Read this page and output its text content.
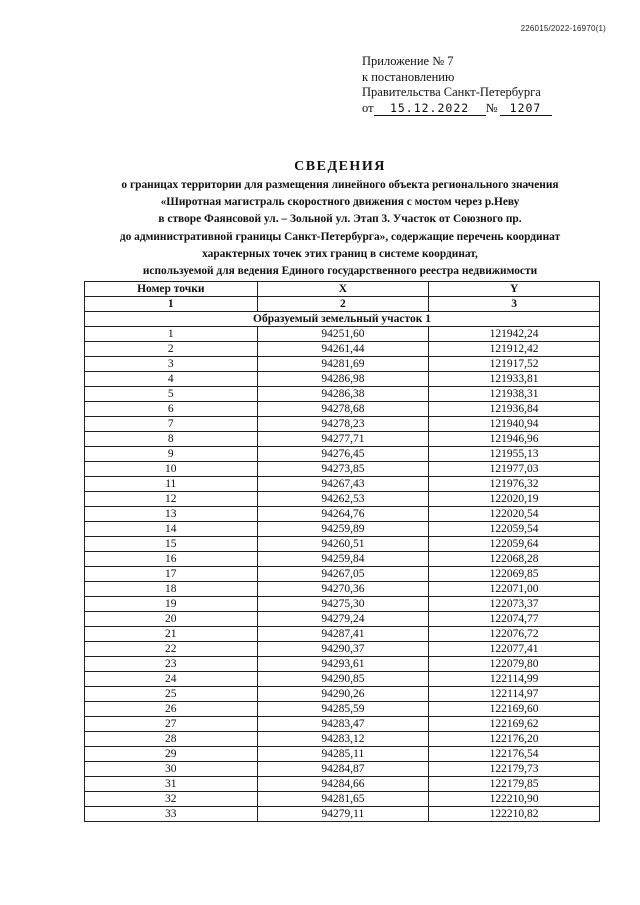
226015/2022-16970(1)
Приложение № 7
к постановлению
Правительства Санкт-Петербурга
от 15.12.2022 № 1207
СВЕДЕНИЯ
о границах территории для размещения линейного объекта регионального значения
«Широтная магистраль скоростного движения с мостом через р.Неву
в створе Фаянсовой ул. – Зольной ул. Этап 3. Участок от Союзного пр.
до административной границы Санкт-Петербурга», содержащие перечень координат
характерных точек этих границ в системе координат,
используемой для ведения Единого государственного реестра недвижимости
Номер точки	X	Y
1	2	3
Образуемый земельный участок 1		
1	94251,60	121942,24
2	94261,44	121912,42
3	94281,69	121917,52
4	94286,98	121933,81
5	94286,38	121938,31
6	94278,68	121936,84
7	94278,23	121940,94
8	94277,71	121946,96
9	94276,45	121955,13
10	94273,85	121977,03
11	94267,43	121976,32
12	94262,53	122020,19
13	94264,76	122020,54
14	94259,89	122059,54
15	94260,51	122059,64
16	94259,84	122068,28
17	94267,05	122069,85
18	94270,36	122071,00
19	94275,30	122073,37
20	94279,24	122074,77
21	94287,41	122076,72
22	94290,37	122077,41
23	94293,61	122079,80
24	94290,85	122114,99
25	94290,26	122114,97
26	94285,59	122169,60
27	94283,47	122169,62
28	94283,12	122176,20
29	94285,11	122176,54
30	94284,87	122179,73
31	94284,66	122179,85
32	94281,65	122210,90
33	94279,11	122210,82
